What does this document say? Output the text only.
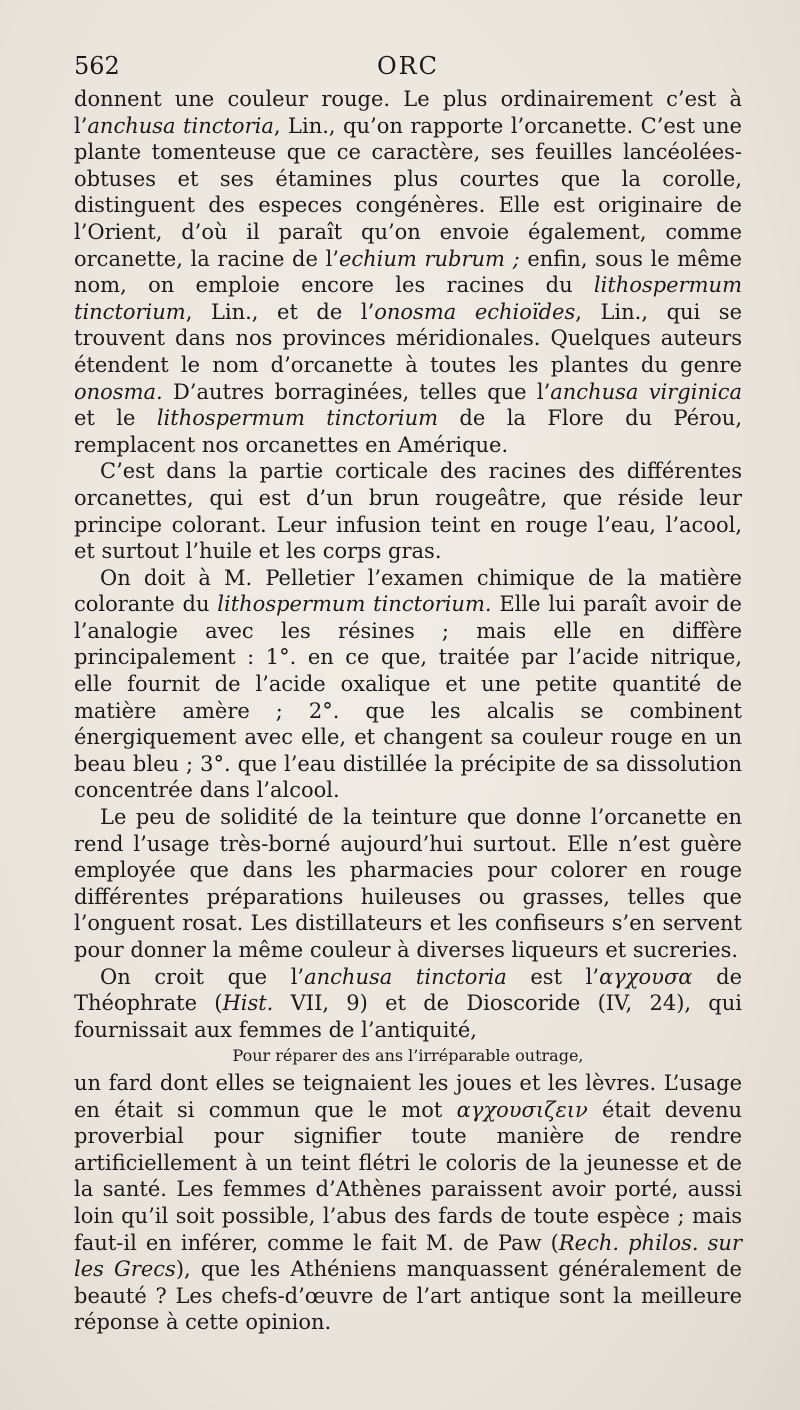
562	ORC

donnent une couleur rouge. Le plus ordinairement c’est à l’anchusa tinctoria, Lin., qu’on rapporte l’orcanette. C’est une plante tomenteuse que ce caractère, ses feuilles lancéolées-obtuses et ses étamines plus courtes que la corolle, distinguent des especes congénères. Elle est originaire de l’Orient, d’où il paraît qu’on envoie également, comme orcanette, la racine de l’echium rubrum ; enfin, sous le même nom, on emploie encore les racines du lithospermum tinctorium, Lin., et de l’onosma echioïdes, Lin., qui se trouvent dans nos provinces méridionales. Quelques auteurs étendent le nom d’orcanette à toutes les plantes du genre onosma. D’autres borraginées, telles que l’anchusa virginica et le lithospermum tinctorium de la Flore du Pérou, remplacent nos orcanettes en Amérique.

C’est dans la partie corticale des racines des différentes orcanettes, qui est d’un brun rougeâtre, que réside leur principe colorant. Leur infusion teint en rouge l’eau, l’acool, et surtout l’huile et les corps gras.

On doit à M. Pelletier l’examen chimique de la matière colorante du lithospermum tinctorium. Elle lui paraît avoir de l’analogie avec les résines ; mais elle en diffère principalement : 1°. en ce que, traitée par l’acide nitrique, elle fournit de l’acide oxalique et une petite quantité de matière amère ; 2°. que les alcalis se combinent énergiquement avec elle, et changent sa couleur rouge en un beau bleu ; 3°. que l’eau distillée la précipite de sa dissolution concentrée dans l’alcool.

Le peu de solidité de la teinture que donne l’orcanette en rend l’usage très-borné aujourd’hui surtout. Elle n’est guère employée que dans les pharmacies pour colorer en rouge différentes préparations huileuses ou grasses, telles que l’onguent rosat. Les distillateurs et les confiseurs s’en servent pour donner la même couleur à diverses liqueurs et sucreries.

On croit que l’anchusa tinctoria est l’αγχουσα de Théophrate (Hist. VII, 9) et de Dioscoride (IV, 24), qui fournissait aux femmes de l’antiquité,

Pour réparer des ans l’irréparable outrage,

un fard dont elles se teignaient les joues et les lèvres. L’usage en était si commun que le mot αγχουσιζειν était devenu proverbial pour signifier toute manière de rendre artificiellement à un teint flétri le coloris de la jeunesse et de la santé. Les femmes d’Athènes paraissent avoir porté, aussi loin qu’il soit possible, l’abus des fards de toute espèce ; mais faut-il en inférer, comme le fait M. de Paw (Rech. philos. sur les Grecs), que les Athéniens manquassent généralement de beauté ? Les chefs-d’œuvre de l’art antique sont la meilleure réponse à cette opinion.
